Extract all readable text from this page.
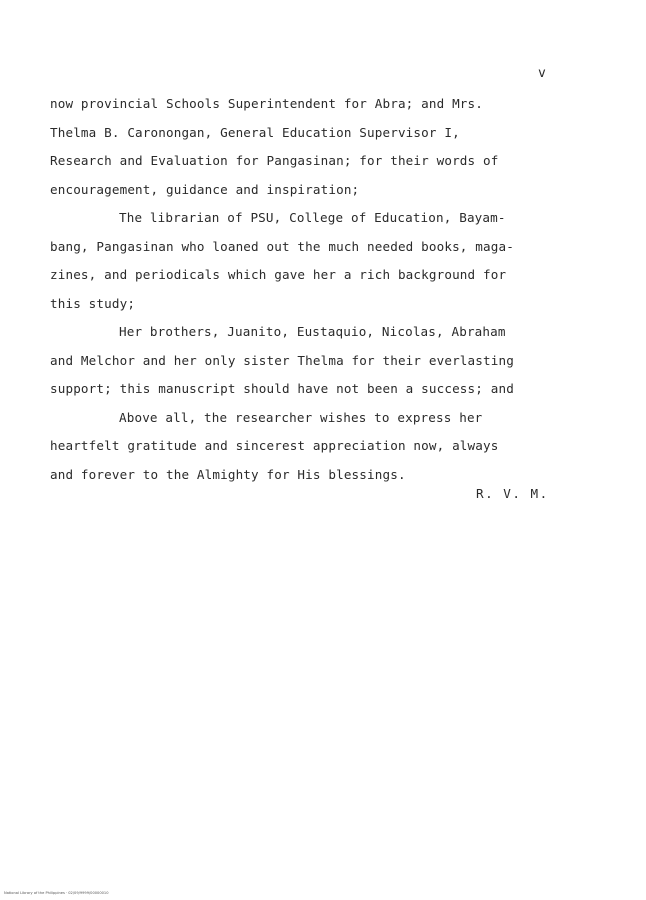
v
now provincial Schools Superintendent for Abra; and Mrs.
Thelma B. Caronongan, General Education Supervisor I,
Research and Evaluation for Pangasinan; for their words of
encouragement, guidance and inspiration;
The librarian of PSU, College of Education, Bayam-
bang, Pangasinan who loaned out the much needed books, maga-
zines, and periodicals which gave her a rich background for
this study;
Her brothers, Juanito, Eustaquio, Nicolas, Abraham
and Melchor and her only sister Thelma for their everlasting
support; this manuscript should have not been a success; and
Above all, the researcher wishes to express her
heartfelt gratitude and sincerest appreciation now, always
and forever to the Almighty for His blessings.
R. V. M.
National Library of the Philippines · 02/09/9999/00000010
